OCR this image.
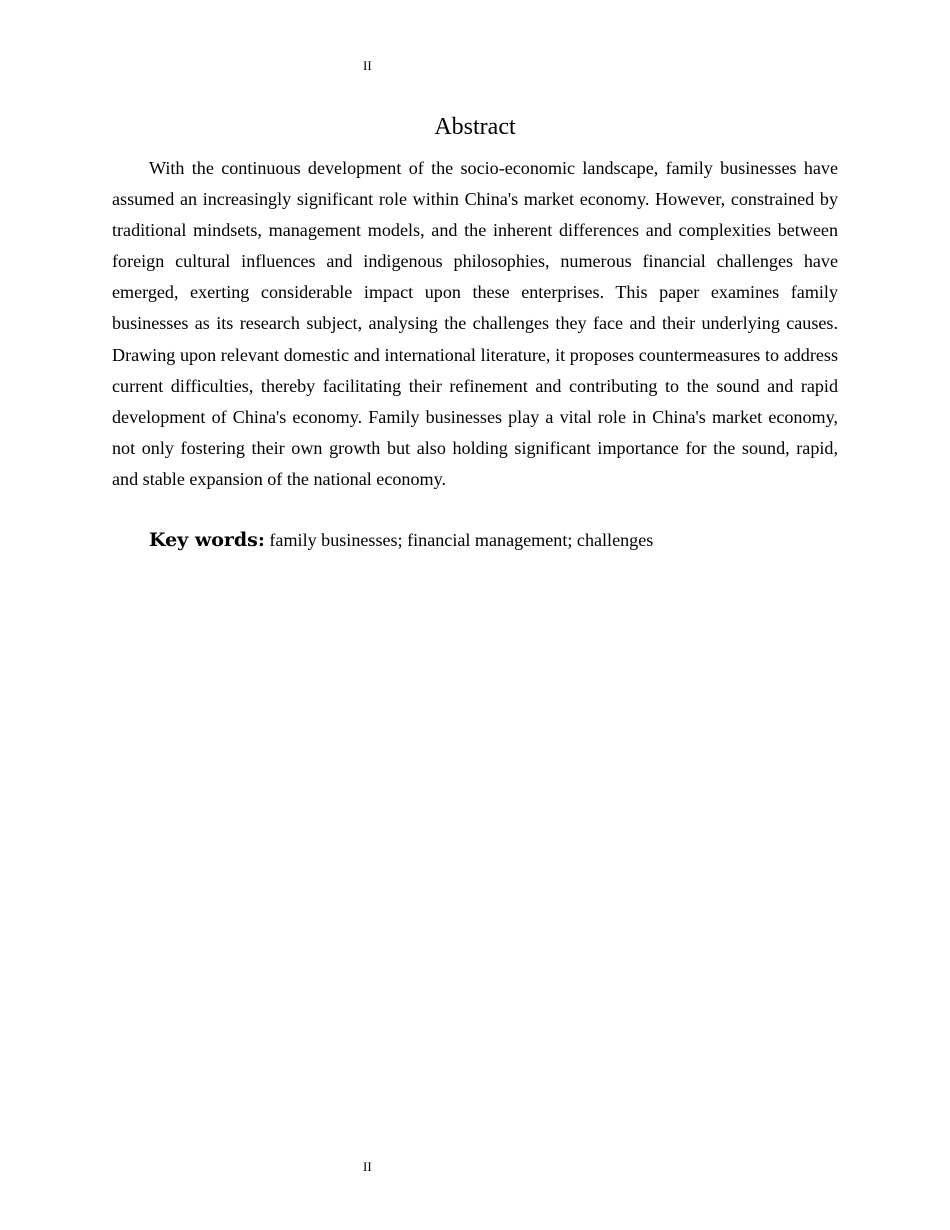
II
Abstract

With the continuous development of the socio-economic landscape, family businesses have assumed an increasingly significant role within China's market economy. However, constrained by traditional mindsets, management models, and the inherent differences and complexities between foreign cultural influences and indigenous philosophies, numerous financial challenges have emerged, exerting considerable impact upon these enterprises. This paper examines family businesses as its research subject, analysing the challenges they face and their underlying causes. Drawing upon relevant domestic and international literature, it proposes countermeasures to address current difficulties, thereby facilitating their refinement and contributing to the sound and rapid development of China's economy. Family businesses play a vital role in China's market economy, not only fostering their own growth but also holding significant importance for the sound, rapid, and stable expansion of the national economy.

Key words: family businesses; financial management; challenges

II
